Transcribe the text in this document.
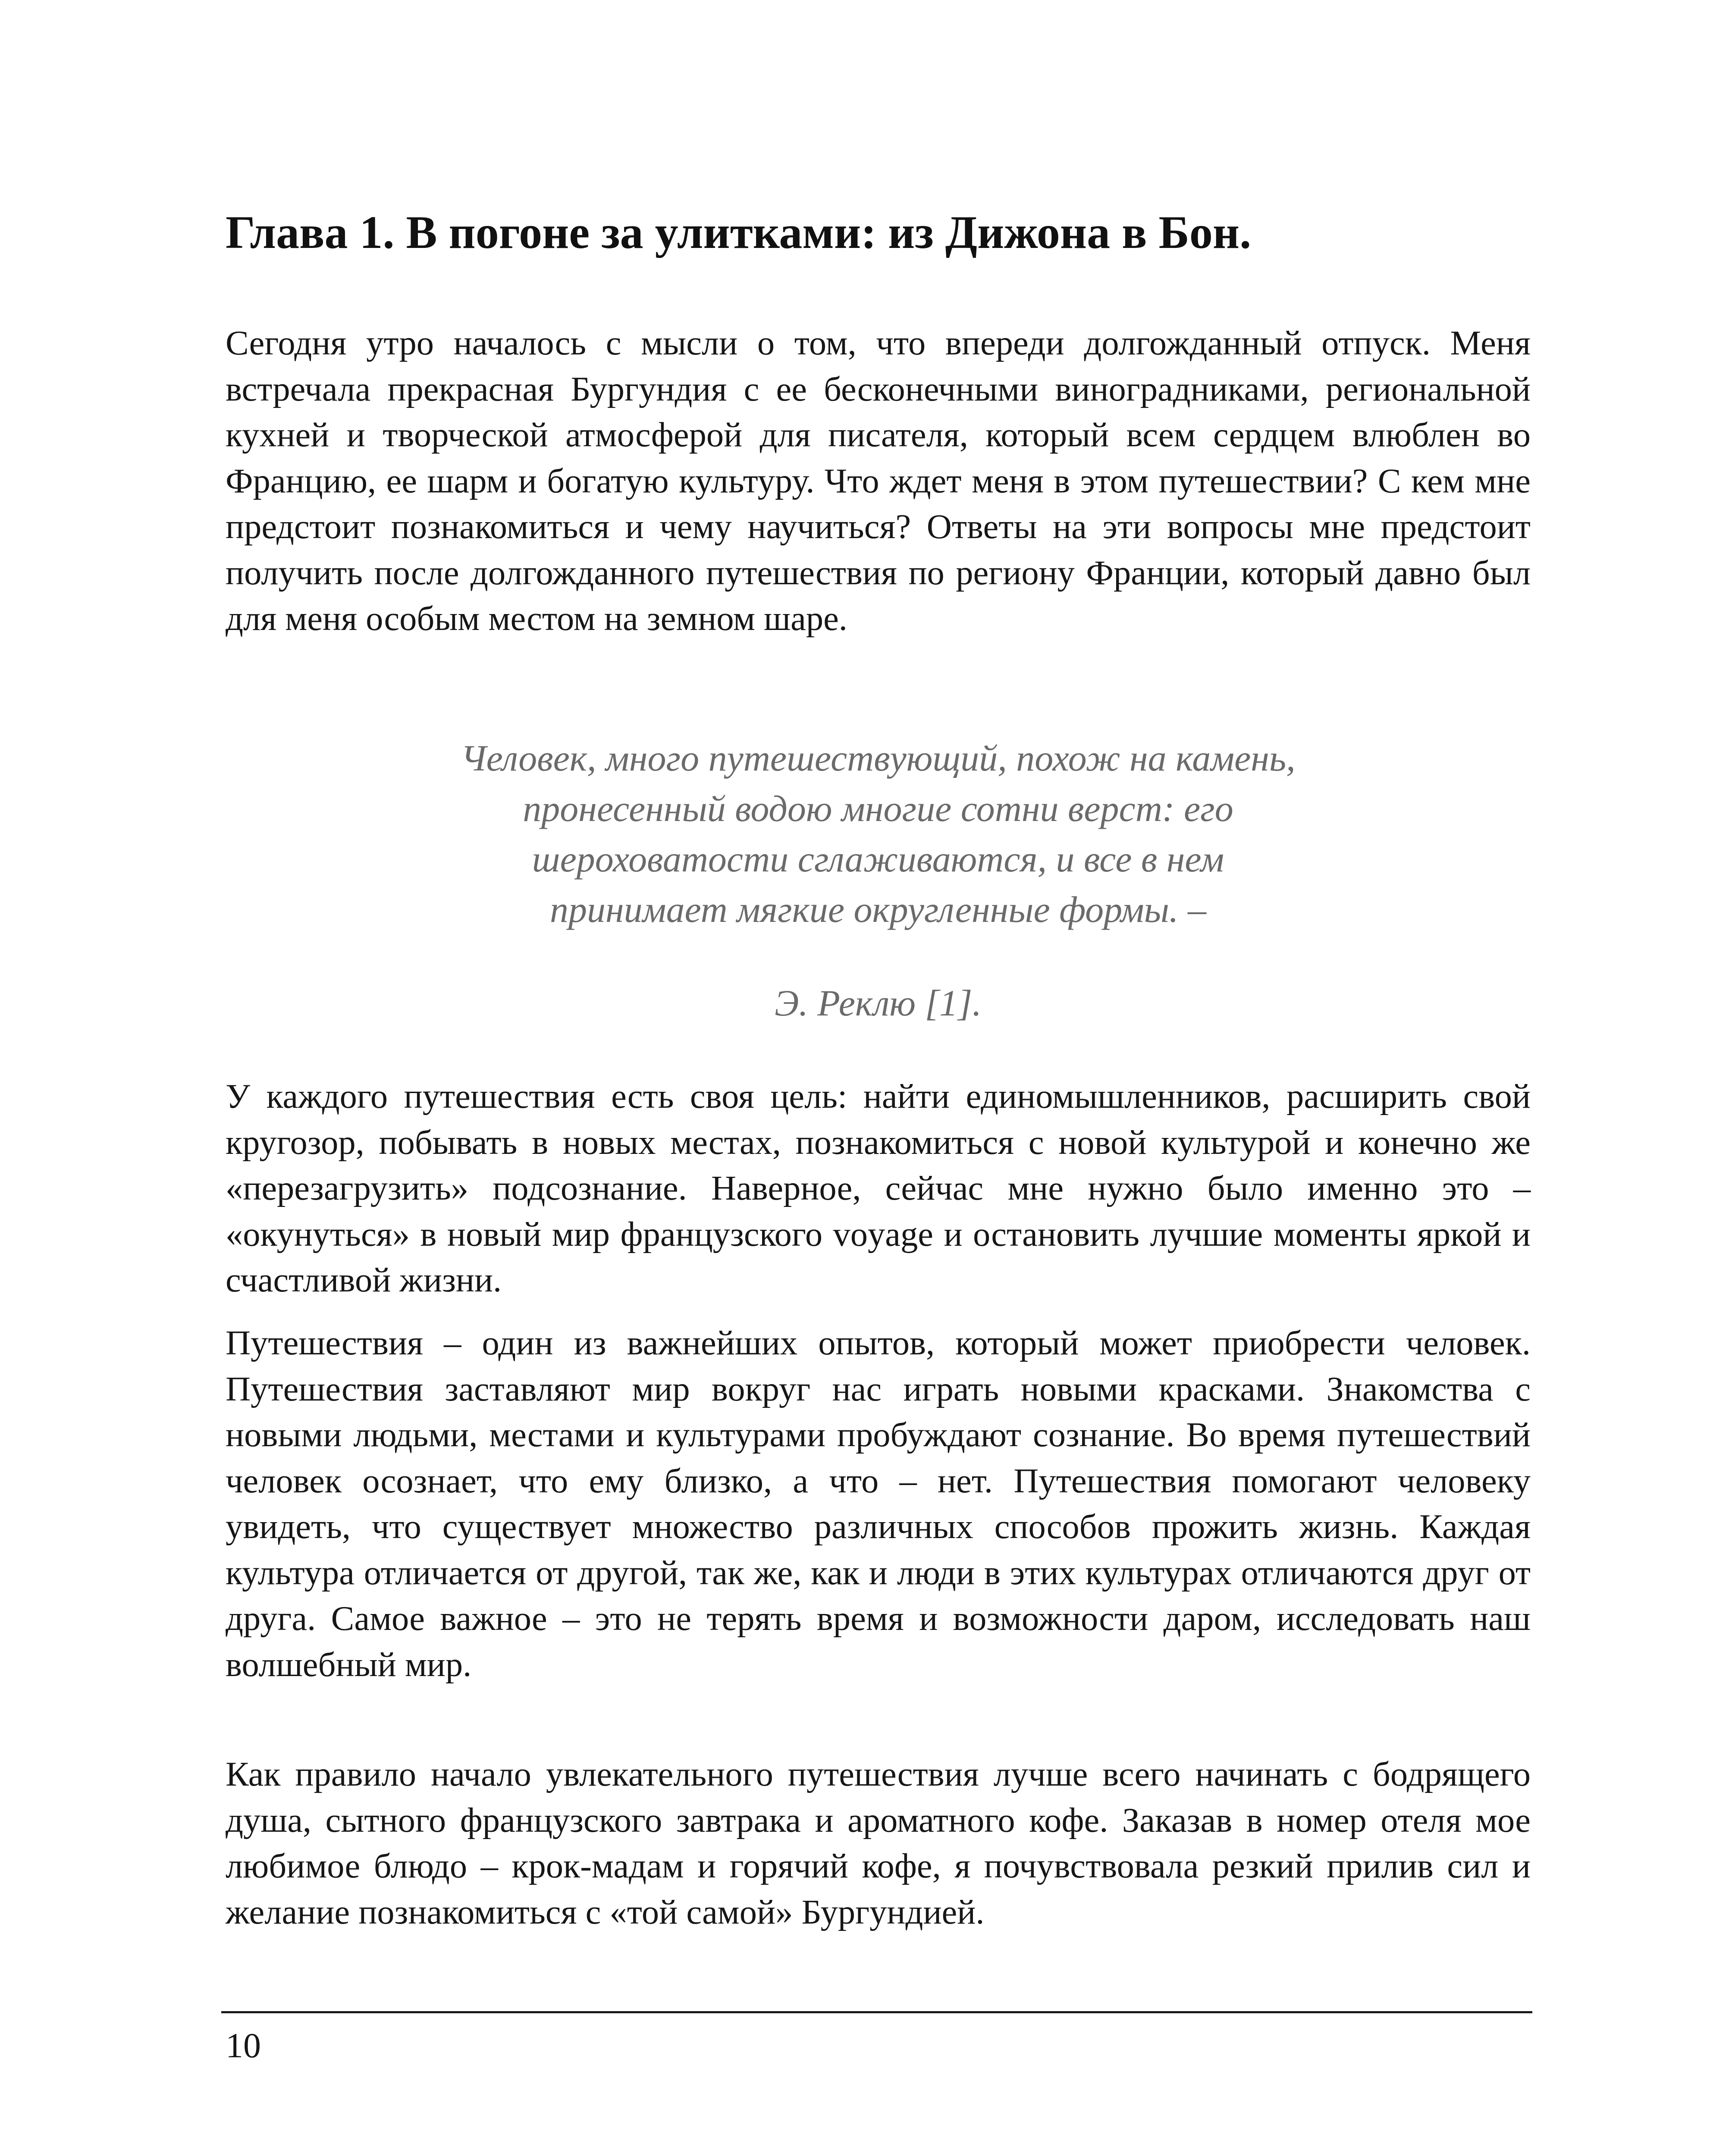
Глава 1. В погоне за улитками: из Дижона в Бон.

Сегодня утро началось с мысли о том, что впереди долгожданный отпуск. Меня встречала прекрасная Бургундия с ее бесконечными виноградниками, региональной кухней и творческой атмосферой для писателя, который всем сердцем влюблен во Францию, ее шарм и богатую культуру. Что ждет меня в этом путешествии? С кем мне предстоит познакомиться и чему научиться? Ответы на эти вопросы мне предстоит получить после долгожданного путешествия по региону Франции, который давно был для меня особым местом на земном шаре.

Человек, много путешествующий, похож на камень,
пронесенный водою многие сотни верст: его
шероховатости сглаживаются, и все в нем
принимает мягкие округленные формы. –

Э. Реклю [1].

У каждого путешествия есть своя цель: найти единомышленников, расширить свой кругозор, побывать в новых местах, познакомиться с новой культурой и конечно же «перезагрузить» подсознание. Наверное, сейчас мне нужно было именно это – «окунуться» в новый мир французского voyage и остановить лучшие моменты яркой и счастливой жизни.

Путешествия – один из важнейших опытов, который может приобрести человек. Путешествия заставляют мир вокруг нас играть новыми красками. Знакомства с новыми людьми, местами и культурами пробуждают сознание. Во время путешествий человек осознает, что ему близко, а что – нет. Путешествия помогают человеку увидеть, что существует множество различных способов прожить жизнь. Каждая культура отличается от другой, так же, как и люди в этих культурах отличаются друг от друга. Самое важное – это не терять время и возможности даром, исследовать наш волшебный мир.

Как правило начало увлекательного путешествия лучше всего начинать с бодрящего душа, сытного французского завтрака и ароматного кофе. Заказав в номер отеля мое любимое блюдо – крок-мадам и горячий кофе, я почувствовала резкий прилив сил и желание познакомиться с «той самой» Бургундией.

10
